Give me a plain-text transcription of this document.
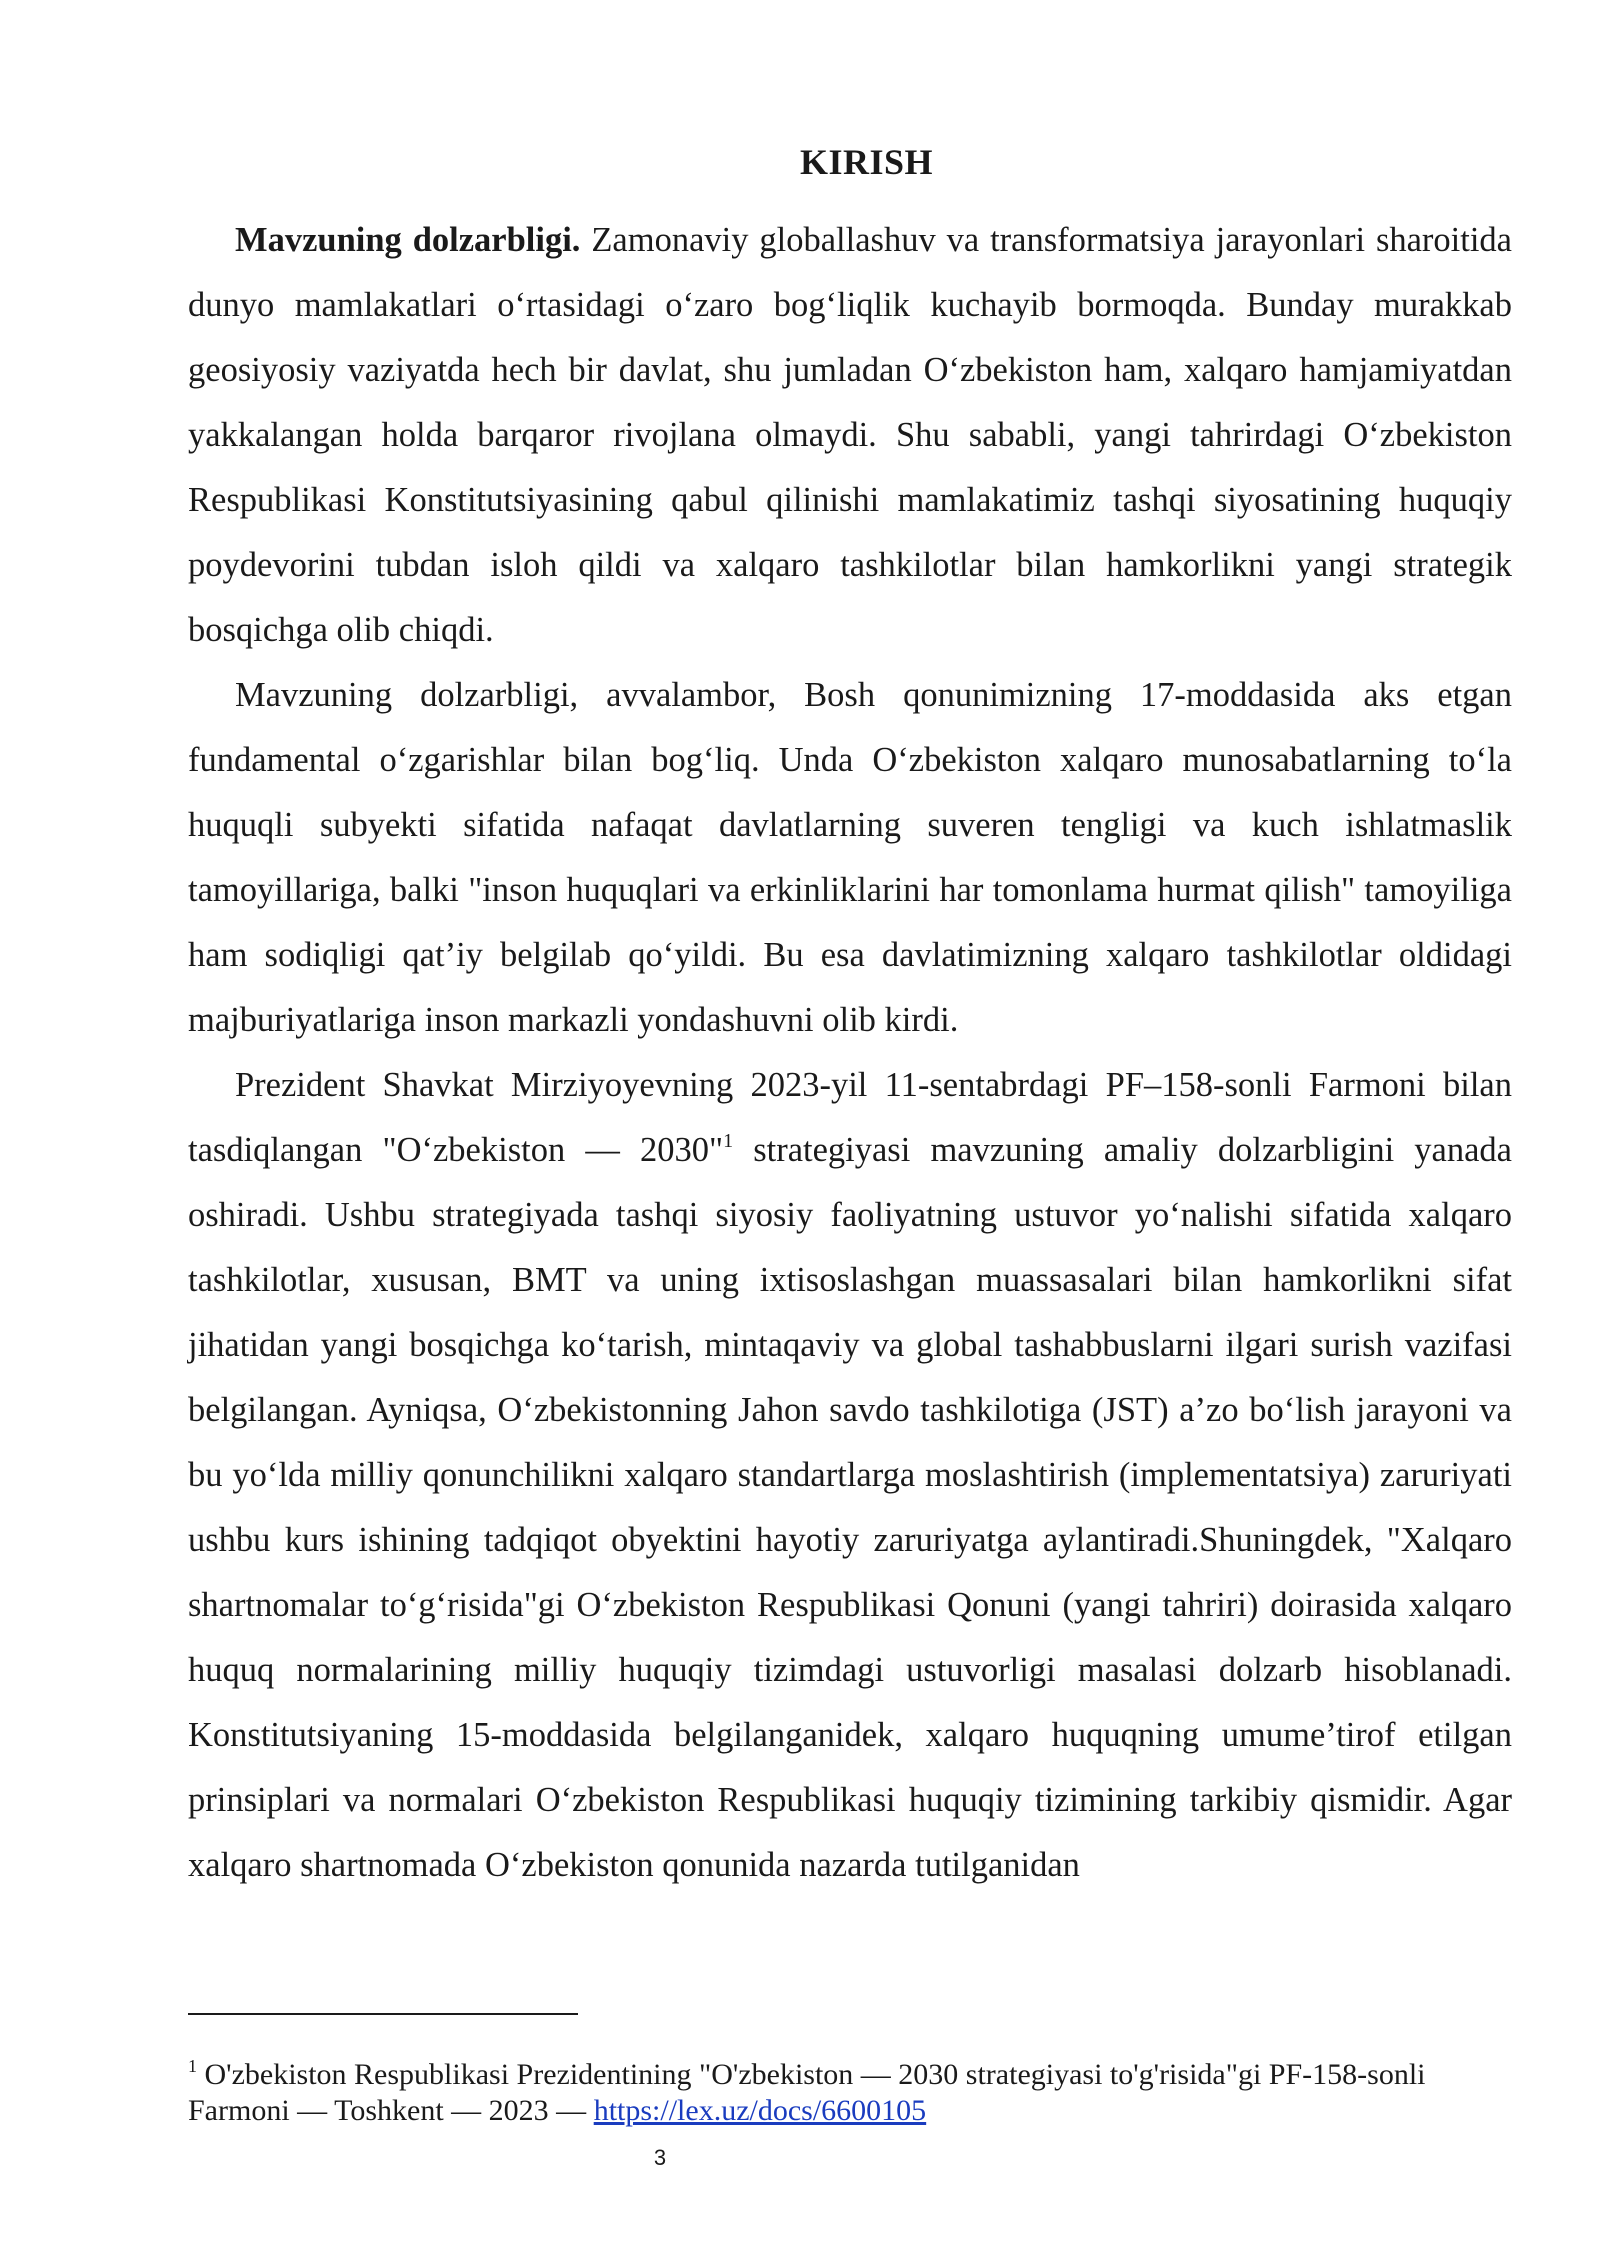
KIRISH

Mavzuning dolzarbligi. Zamonaviy globallashuv va transformatsiya jarayonlari sharoitida dunyo mamlakatlari o‘rtasidagi o‘zaro bog‘liqlik kuchayib bormoqda. Bunday murakkab geosiyosiy vaziyatda hech bir davlat, shu jumladan O‘zbekiston ham, xalqaro hamjamiyatdan yakkalangan holda barqaror rivojlana olmaydi. Shu sababli, yangi tahrirdagi O‘zbekiston Respublikasi Konstitutsiyasining qabul qilinishi mamlakatimiz tashqi siyosatining huquqiy poydevorini tubdan isloh qildi va xalqaro tashkilotlar bilan hamkorlikni yangi strategik bosqichga olib chiqdi.

Mavzuning dolzarbligi, avvalambor, Bosh qonunimizning 17-moddasida aks etgan fundamental o‘zgarishlar bilan bog‘liq. Unda O‘zbekiston xalqaro munosabatlarning to‘la huquqli subyekti sifatida nafaqat davlatlarning suveren tengligi va kuch ishlatmaslik tamoyillariga, balki "inson huquqlari va erkinliklarini har tomonlama hurmat qilish" tamoyiliga ham sodiqligi qat’iy belgilab qo‘yildi. Bu esa davlatimizning xalqaro tashkilotlar oldidagi majburiyatlariga inson markazli yondashuvni olib kirdi.

Prezident Shavkat Mirziyoyevning 2023-yil 11-sentabrdagi PF–158-sonli Farmoni bilan tasdiqlangan "O‘zbekiston — 2030"$^1$ strategiyasi mavzuning amaliy dolzarbligini yanada oshiradi. Ushbu strategiyada tashqi siyosiy faoliyatning ustuvor yo‘nalishi sifatida xalqaro tashkilotlar, xususan, BMT va uning ixtisoslashgan muassasalari bilan hamkorlikni sifat jihatidan yangi bosqichga ko‘tarish, mintaqaviy va global tashabbuslarni ilgari surish vazifasi belgilangan. Ayniqsa, O‘zbekistonning Jahon savdo tashkilotiga (JST) a’zo bo‘lish jarayoni va bu yo‘lda milliy qonunchilikni xalqaro standartlarga moslashtirish (implementatsiya) zaruriyati ushbu kurs ishining tadqiqot obyektini hayotiy zaruriyatga aylantiradi.Shuningdek, "Xalqaro shartnomalar to‘g‘risida"gi O‘zbekiston Respublikasi Qonuni (yangi tahriri) doirasida xalqaro huquq normalarining milliy huquqiy tizimdagi ustuvorligi masalasi dolzarb hisoblanadi. Konstitutsiyaning 15-moddasida belgilanganidek, xalqaro huquqning umume’tirof etilgan prinsiplari va normalari O‘zbekiston Respublikasi huquqiy tizimining tarkibiy qismidir. Agar xalqaro shartnomada O‘zbekiston qonunida nazarda tutilganidan

$^1$ O'zbekiston Respublikasi Prezidentining "O'zbekiston — 2030 strategiyasi to'g'risida"gi PF-158-sonli Farmoni — Toshkent — 2023 — https://lex.uz/docs/6600105
3
